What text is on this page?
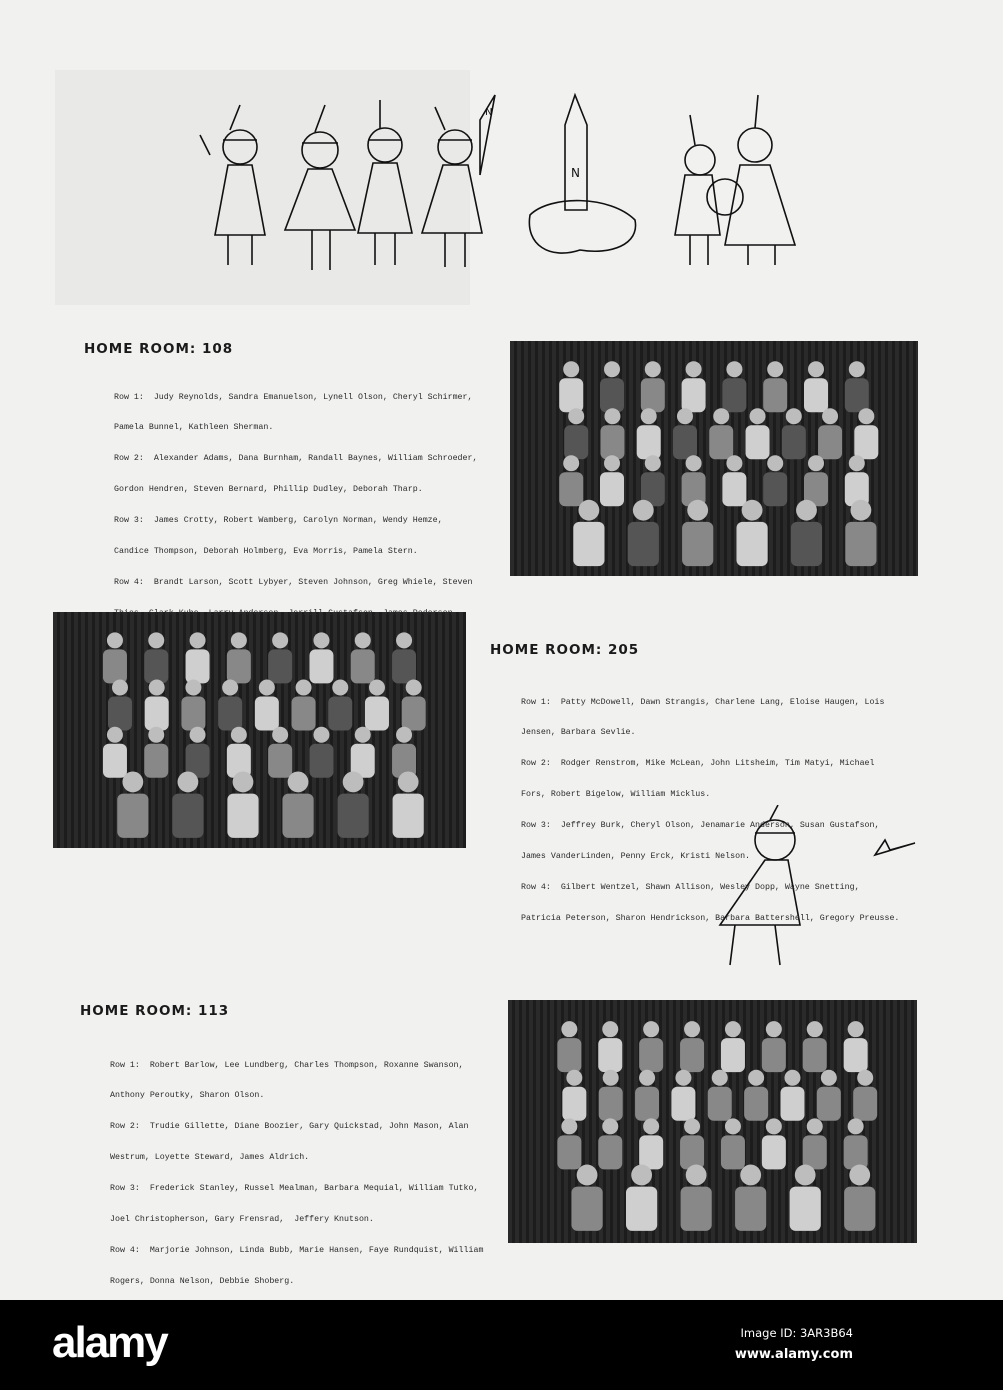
N
N
HOME ROOM: 108

Row 1:  Judy Reynolds, Sandra Emanuelson, Lynell Olson, Cheryl Schirmer,

Pamela Bunnel, Kathleen Sherman.

Row 2:  Alexander Adams, Dana Burnham, Randall Baynes, William Schroeder,

Gordon Hendren, Steven Bernard, Phillip Dudley, Deborah Tharp.

Row 3:  James Crotty, Robert Wamberg, Carolyn Norman, Wendy Hemze,

Candice Thompson, Deborah Holmberg, Eva Morris, Pamela Stern.

Row 4:  Brandt Larson, Scott Lybyer, Steven Johnson, Greg Whiele, Steven

Thies, Clark Kube, Larry Anderson, Jerrill Gustafson, James Pederson.

HOME ROOM: 205

Row 1:  Patty McDowell, Dawn Strangis, Charlene Lang, Eloise Haugen, Lois

Jensen, Barbara Sevlie.

Row 2:  Rodger Renstrom, Mike McLean, John Litsheim, Tim Matyi, Michael

Fors, Robert Bigelow, William Micklus.

Row 3:  Jeffrey Burk, Cheryl Olson, Jenamarie Anderson, Susan Gustafson,

James VanderLinden, Penny Erck, Kristi Nelson.

Row 4:  Gilbert Wentzel, Shawn Allison, Wesley Dopp, Wayne Snetting,

Patricia Peterson, Sharon Hendrickson, Barbara Battershell, Gregory Preusse.

HOME ROOM: 113

Row 1:  Robert Barlow, Lee Lundberg, Charles Thompson, Roxanne Swanson,

Anthony Peroutky, Sharon Olson.

Row 2:  Trudie Gillette, Diane Boozier, Gary Quickstad, John Mason, Alan

Westrum, Loyette Steward, James Aldrich.

Row 3:  Frederick Stanley, Russel Mealman, Barbara Mequial, William Tutko,

Joel Christopherson, Gary Frensrad,  Jeffery Knutson.

Row 4:  Marjorie Johnson, Linda Bubb, Marie Hansen, Faye Rundquist, William

Rogers, Donna Nelson, Debbie Shoberg.

alamy	Image ID: 3AR3B64
www.alamy.com
